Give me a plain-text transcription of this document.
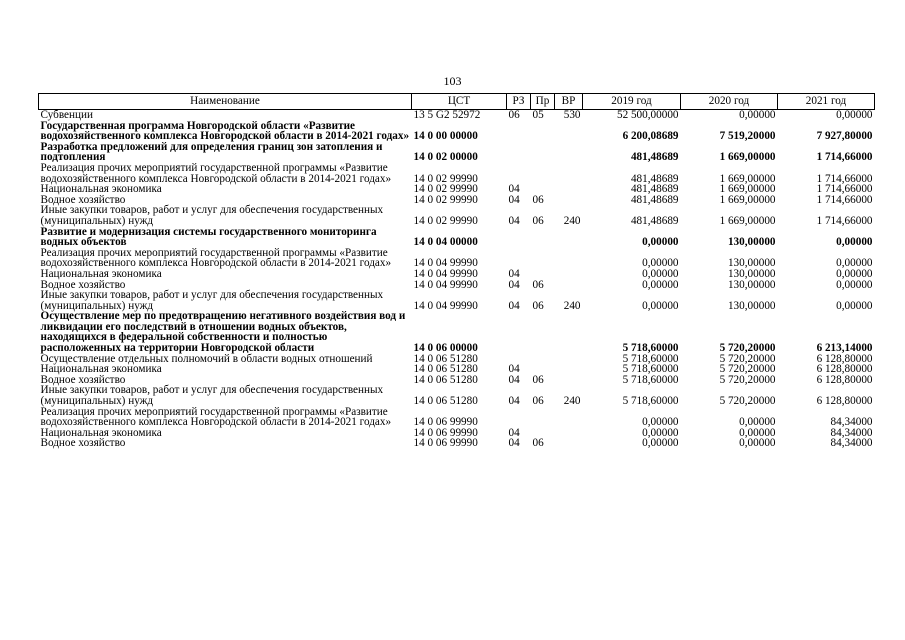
103
Наименование	ЦСТ	РЗ	Пр	ВР	2019 год	2020 год	2021 год
Субвенции	13 5 G2 52972	06	05	530	52 500,00000	0,00000	0,00000
Государственная программа Новгородской области «Развитие водохозяйственного комплекса Новгородской области в 2014-2021 годах»	14 0 00 00000				6 200,08689	7 519,20000	7 927,80000
Разработка предложений для определения границ зон затопления и подтопления	14 0 02 00000				481,48689	1 669,00000	1 714,66000
Реализация прочих мероприятий государственной программы «Развитие водохозяйственного комплекса Новгородской области в 2014-2021 годах»	14 0 02 99990				481,48689	1 669,00000	1 714,66000
Национальная экономика	14 0 02 99990	04			481,48689	1 669,00000	1 714,66000
Водное хозяйство	14 0 02 99990	04	06		481,48689	1 669,00000	1 714,66000
Иные закупки товаров, работ и услуг для обеспечения государственных (муниципальных) нужд	14 0 02 99990	04	06	240	481,48689	1 669,00000	1 714,66000
Развитие и модернизация системы государственного мониторинга водных объектов	14 0 04 00000				0,00000	130,00000	0,00000
Реализация прочих мероприятий государственной программы «Развитие водохозяйственного комплекса Новгородской области в 2014-2021 годах»	14 0 04 99990				0,00000	130,00000	0,00000
Национальная экономика	14 0 04 99990	04			0,00000	130,00000	0,00000
Водное хозяйство	14 0 04 99990	04	06		0,00000	130,00000	0,00000
Иные закупки товаров, работ и услуг для обеспечения государственных (муниципальных) нужд	14 0 04 99990	04	06	240	0,00000	130,00000	0,00000
Осуществление мер по предотвращению негативного воздействия вод и ликвидации его последствий в отношении водных объектов, находящихся в федеральной собственности и полностью расположенных на территории Новгородской области	14 0 06 00000				5 718,60000	5 720,20000	6 213,14000
Осуществление отдельных полномочий в области водных отношений	14 0 06 51280				5 718,60000	5 720,20000	6 128,80000
Национальная экономика	14 0 06 51280	04			5 718,60000	5 720,20000	6 128,80000
Водное хозяйство	14 0 06 51280	04	06		5 718,60000	5 720,20000	6 128,80000
Иные закупки товаров, работ и услуг для обеспечения государственных (муниципальных) нужд	14 0 06 51280	04	06	240	5 718,60000	5 720,20000	6 128,80000
Реализация прочих мероприятий государственной программы «Развитие водохозяйственного комплекса Новгородской области в 2014-2021 годах»	14 0 06 99990				0,00000	0,00000	84,34000
Национальная экономика	14 0 06 99990	04			0,00000	0,00000	84,34000
Водное хозяйство	14 0 06 99990	04	06		0,00000	0,00000	84,34000
